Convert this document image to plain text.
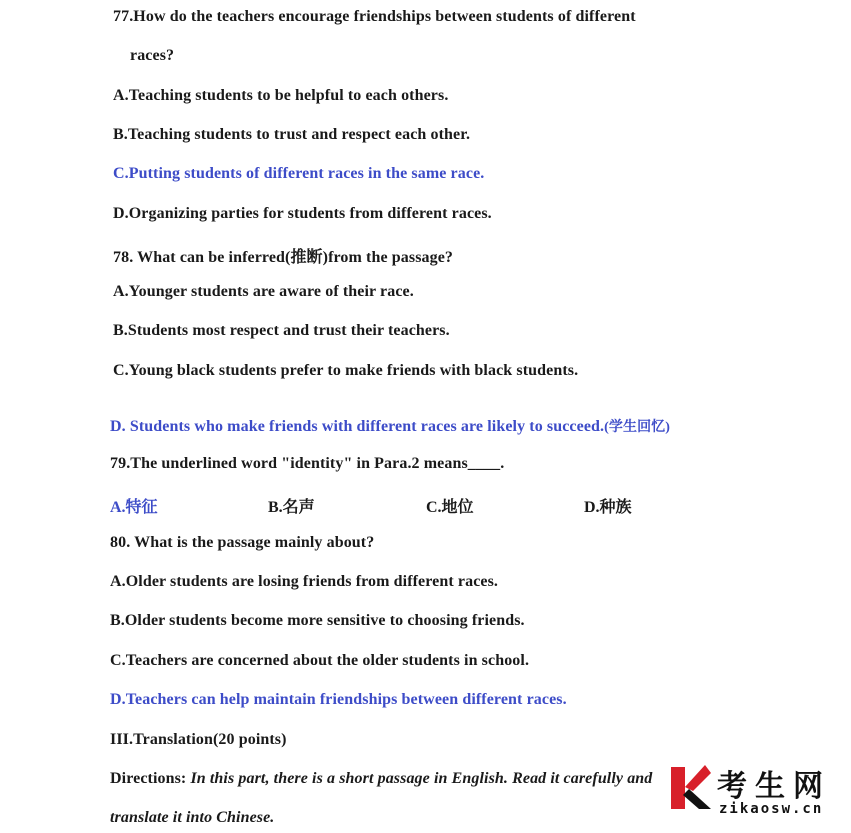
77.How do the teachers encourage friendships between students of different
races?
A.Teaching students to be helpful to each others.
B.Teaching students to trust and respect each other.
C.Putting students of different races in the same race.
D.Organizing parties for students from different races.
78. What can be inferred(推断)from the passage?
A.Younger students are aware of their race.
B.Students most respect and trust their teachers.
C.Young black students prefer to make friends with black students.
D. Students who make friends with different races are likely to succeed.(学生回忆)
79.The underlined word "identity" in Para.2 means____.
A.特征	B.名声	C.地位	D.种族
80. What is the passage mainly about?
A.Older students are losing friends from different races.
B.Older students become more sensitive to choosing friends.
C.Teachers are concerned about the older students in school.
D.Teachers can help maintain friendships between different races.
III.Translation(20 points)
Directions: In this part, there is a short passage in English. Read it carefully and
translate it into Chinese.
考生网
zikaosw.cn
